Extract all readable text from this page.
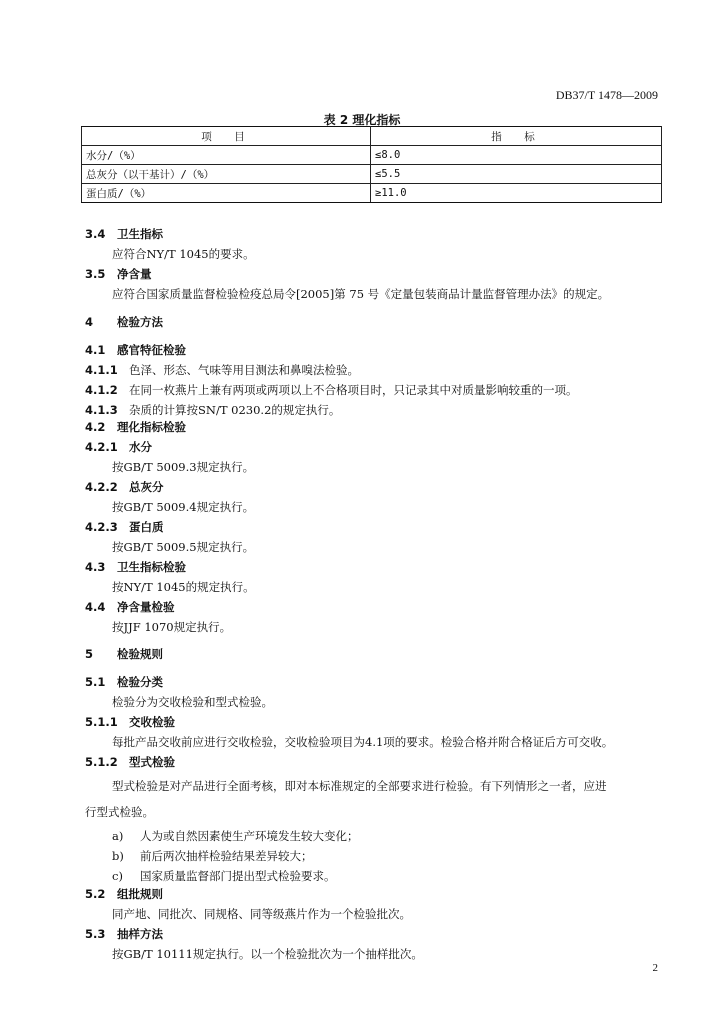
DB37/T 1478—2009
表 2 理化指标
项　目	指　标
水分/（%）	≤8.0
总灰分（以干基计）/（%）	≤5.5
蛋白质/（%）	≥11.0
3.4 卫生指标
应符合NY/T 1045的要求。
3.5 净含量
应符合国家质量监督检验检疫总局令[2005]第 75 号《定量包装商品计量监督管理办法》的规定。
4 检验方法
4.1 感官特征检验
4.1.1 色泽、形态、气味等用目测法和鼻嗅法检验。
4.1.2 在同一枚燕片上兼有两项或两项以上不合格项目时，只记录其中对质量影响较重的一项。
4.1.3 杂质的计算按SN/T 0230.2的规定执行。
4.2 理化指标检验
4.2.1 水分
按GB/T 5009.3规定执行。
4.2.2 总灰分
按GB/T 5009.4规定执行。
4.2.3 蛋白质
按GB/T 5009.5规定执行。
4.3 卫生指标检验
按NY/T 1045的规定执行。
4.4 净含量检验
按JJF 1070规定执行。
5 检验规则
5.1 检验分类
检验分为交收检验和型式检验。
5.1.1 交收检验
每批产品交收前应进行交收检验，交收检验项目为4.1项的要求。检验合格并附合格证后方可交收。
5.1.2 型式检验
型式检验是对产品进行全面考核，即对本标准规定的全部要求进行检验。有下列情形之一者，应进
行型式检验。
a) 人为或自然因素使生产环境发生较大变化；
b) 前后两次抽样检验结果差异较大；
c) 国家质量监督部门提出型式检验要求。
5.2 组批规则
同产地、同批次、同规格、同等级燕片作为一个检验批次。
5.3 抽样方法
按GB/T 10111规定执行。以一个检验批次为一个抽样批次。
2
